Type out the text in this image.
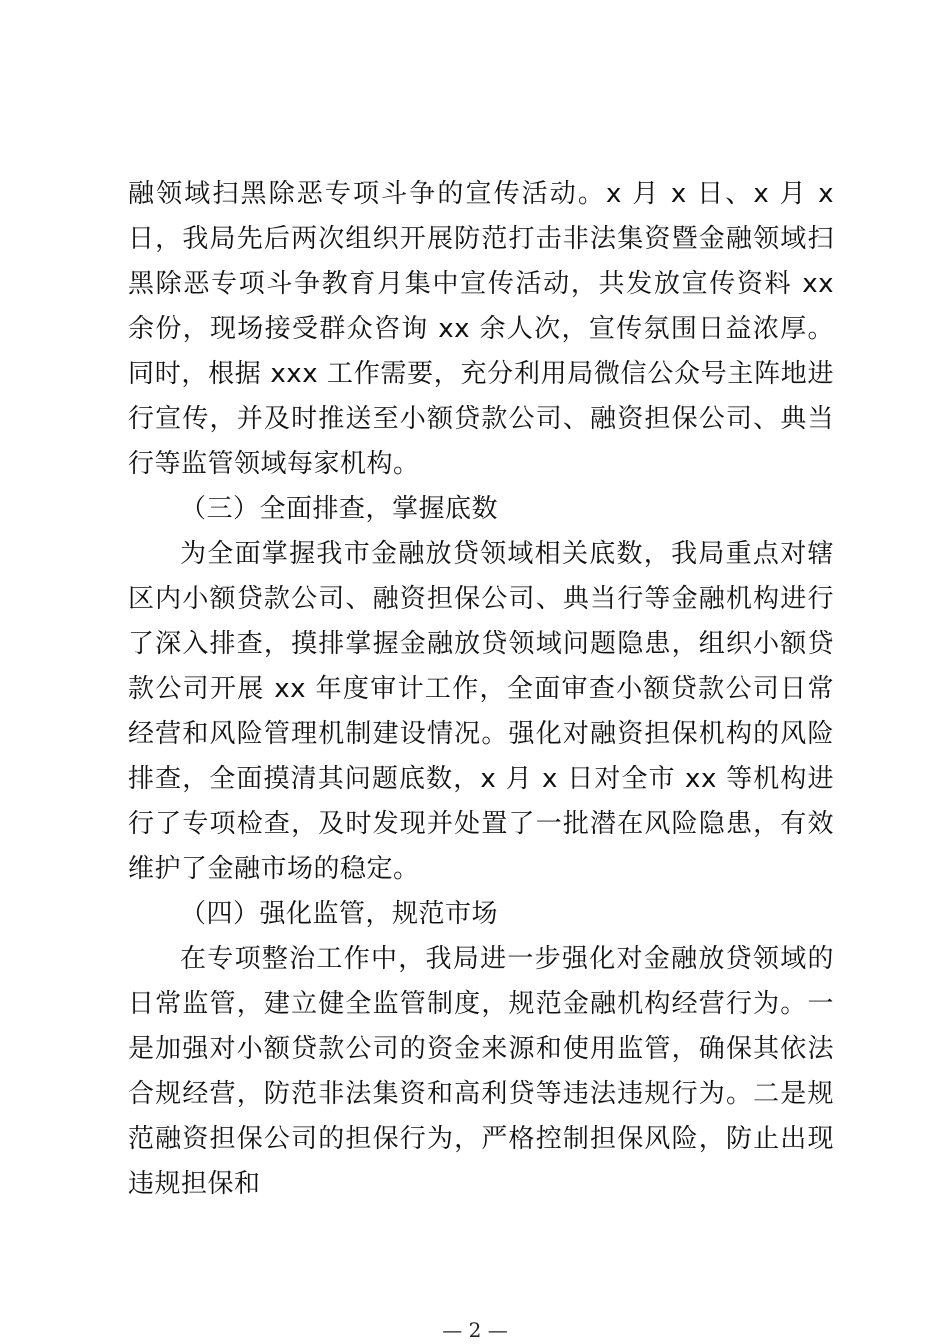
融领域扫黑除恶专项斗争的宣传活动。x 月 x 日、x 月 x 日，我局先后两次组织开展防范打击非法集资暨金融领域扫黑除恶专项斗争教育月集中宣传活动，共发放宣传资料 xx 余份，现场接受群众咨询 xx 余人次，宣传氛围日益浓厚。同时，根据 xxx 工作需要，充分利用局微信公众号主阵地进行宣传，并及时推送至小额贷款公司、融资担保公司、典当行等监管领域每家机构。

（三）全面排查，掌握底数

为全面掌握我市金融放贷领域相关底数，我局重点对辖区内小额贷款公司、融资担保公司、典当行等金融机构进行了深入排查，摸排掌握金融放贷领域问题隐患，组织小额贷款公司开展 xx 年度审计工作，全面审查小额贷款公司日常经营和风险管理机制建设情况。强化对融资担保机构的风险排查，全面摸清其问题底数，x 月 x 日对全市 xx 等机构进行了专项检查，及时发现并处置了一批潜在风险隐患，有效维护了金融市场的稳定。

（四）强化监管，规范市场

在专项整治工作中，我局进一步强化对金融放贷领域的日常监管，建立健全监管制度，规范金融机构经营行为。一是加强对小额贷款公司的资金来源和使用监管，确保其依法合规经营，防范非法集资和高利贷等违法违规行为。二是规范融资担保公司的担保行为，严格控制担保风险，防止出现违规担保和

— 2 —
